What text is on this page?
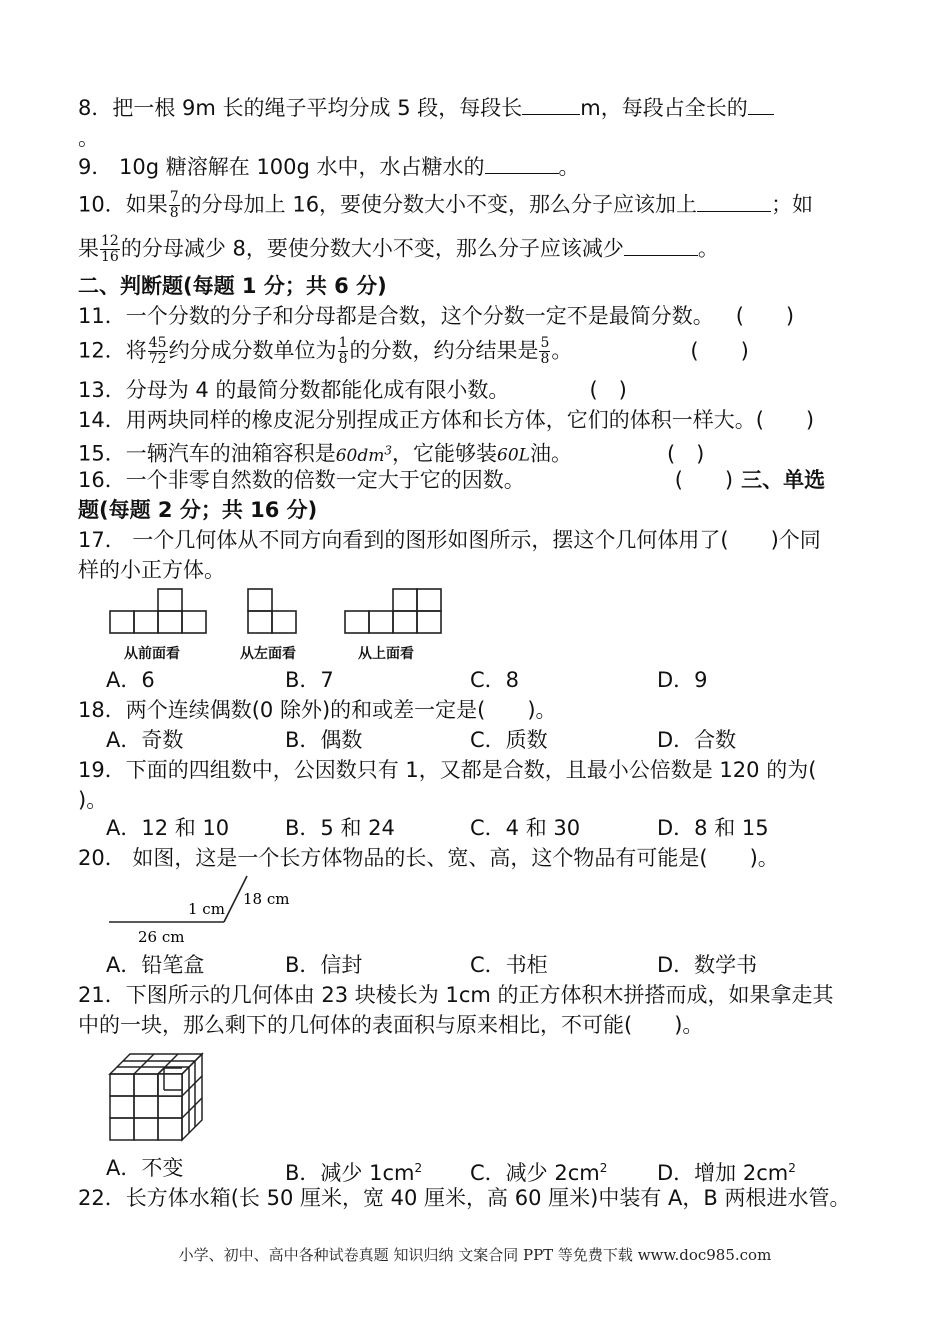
8．把一根 9m 长的绳子平均分成 5 段，每段长	m，每段占全长的
。
9． 10g 糖溶解在 100g 水中，水占糖水的	。
10．如果 $\frac{7}{8}$ 的分母加上 16，要使分数大小不变，那么分子应该加上	；如
果 $\frac{12}{16}$ 的分母减少 8，要使分数大小不变，那么分子应该减少	。
二、判断题(每题 1 分；共 6 分)
11．一个分数的分子和分母都是合数，这个分数一定不是最简分数。 (　　)
12．将 $\frac{45}{72}$ 约分成分数单位为 $\frac{1}{8}$ 的分数，约分结果是 $\frac{5}{8}$ 。	(　　)
13．分母为 4 的最简分数都能化成有限小数。	(　)
14．用两块同样的橡皮泥分别捏成正方体和长方体，它们的体积一样大。(　　)
15．一辆汽车的油箱容积是$60dm^3$，它能够装60L油。	(　)
16．一个非零自然数的倍数一定大于它的因数。	(　　) 三、单选
题(每题 2 分；共 16 分)
17． 一个几何体从不同方向看到的图形如图所示，摆这个几何体用了(　　)个同
样的小正方体。
从前面看	从左面看	从上面看
A．6	B．7	C．8	D．9
18．两个连续偶数(0 除外)的和或差一定是(　　)。
A．奇数	B．偶数	C．质数	D．合数
19．下面的四组数中，公因数只有 1，又都是合数，且最小公倍数是 120 的为(
)。
A．12 和 10	B．5 和 24	C．4 和 30	D．8 和 15
20． 如图，这是一个长方体物品的长、宽、高，这个物品有可能是(　　)。
1 cm
18 cm
26 cm
A．铅笔盒	B．信封	C．书柜	D．数学书
21．下图所示的几何体由 23 块棱长为 1cm 的正方体积木拼搭而成，如果拿走其
中的一块，那么剩下的几何体的表面积与原来相比，不可能(　　)。
A．不变	B．减少 $1cm^2$ C．减少 $2cm^2$ D．增加 $2cm^2$
22．长方体水箱(长 50 厘米，宽 40 厘米，高 60 厘米)中装有 A，B 两根进水管。
小学、初中、高中各种试卷真题 知识归纳 文案合同 PPT 等免费下载 www.doc985.com
